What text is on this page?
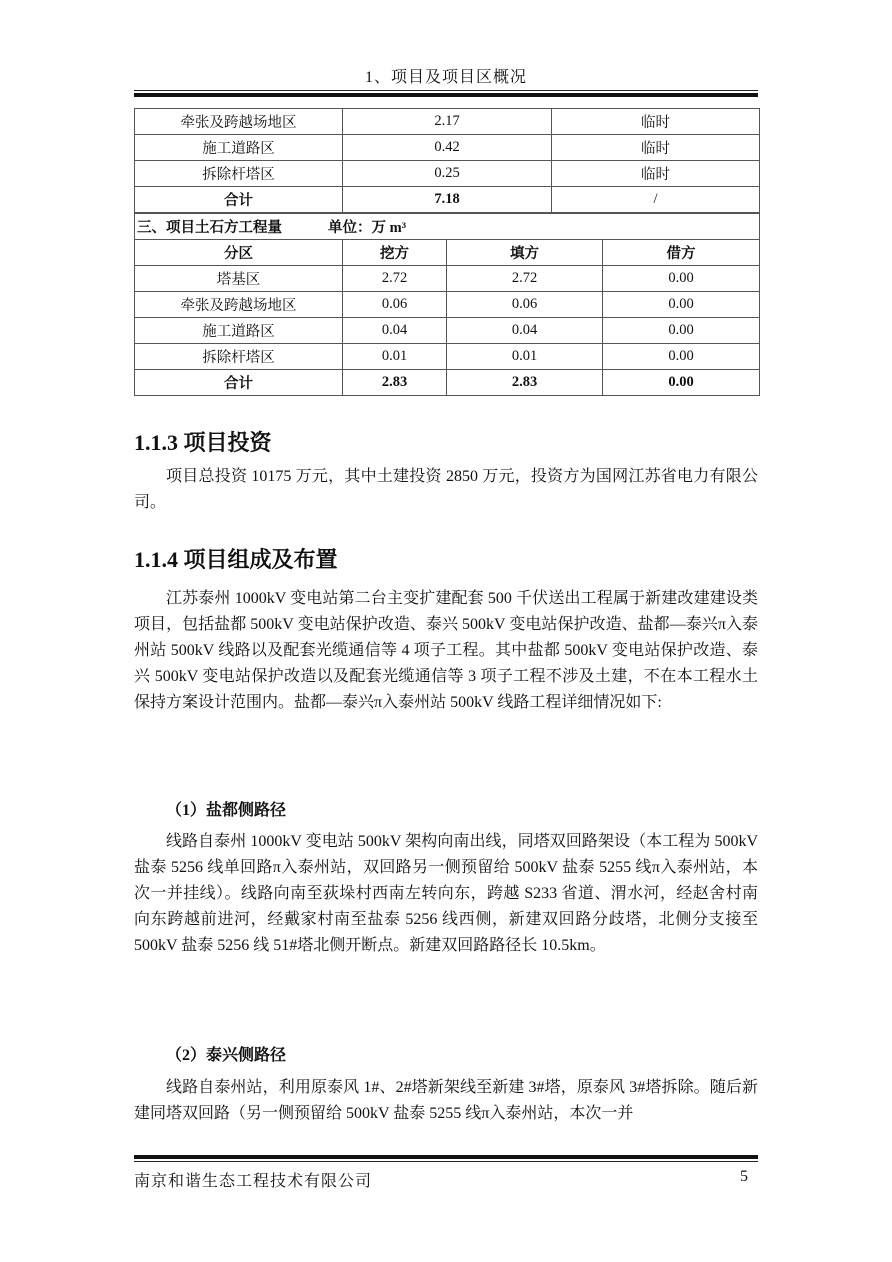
1、项目及项目区概况
牵张及跨越场地区	2.17	临时
施工道路区	0.42	临时
拆除杆塔区	0.25	临时
合计	7.18	/
三、项目土石方工程量 单位：万 m³			
分区	挖方	填方	借方
塔基区	2.72	2.72	0.00
牵张及跨越场地区	0.06	0.06	0.00
施工道路区	0.04	0.04	0.00
拆除杆塔区	0.01	0.01	0.00
合计	2.83	2.83	0.00
1.1.3 项目投资
项目总投资 10175 万元，其中土建投资 2850 万元，投资方为国网江苏省电力有限公司。
1.1.4 项目组成及布置
江苏泰州 1000kV 变电站第二台主变扩建配套 500 千伏送出工程属于新建改建建设类项目，包括盐都 500kV 变电站保护改造、泰兴 500kV 变电站保护改造、盐都—泰兴π入泰州站 500kV 线路以及配套光缆通信等 4 项子工程。其中盐都 500kV 变电站保护改造、泰兴 500kV 变电站保护改造以及配套光缆通信等 3 项子工程不涉及土建，不在本工程水土保持方案设计范围内。盐都—泰兴π入泰州站 500kV 线路工程详细情况如下:
（1）盐都侧路径
线路自泰州 1000kV 变电站 500kV 架构向南出线，同塔双回路架设（本工程为 500kV 盐泰 5256 线单回路π入泰州站，双回路另一侧预留给 500kV 盐泰 5255 线π入泰州站，本次一并挂线）。线路向南至荻垛村西南左转向东，跨越 S233 省道、渭水河，经赵舍村南向东跨越前进河，经戴家村南至盐泰 5256 线西侧，新建双回路分歧塔，北侧分支接至 500kV 盐泰 5256 线 51#塔北侧开断点。新建双回路路径长 10.5km。
（2）泰兴侧路径
线路自泰州站，利用原泰风 1#、2#塔新架线至新建 3#塔，原泰风 3#塔拆除。随后新建同塔双回路（另一侧预留给 500kV 盐泰 5255 线π入泰州站，本次一并
南京和谐生态工程技术有限公司	5
